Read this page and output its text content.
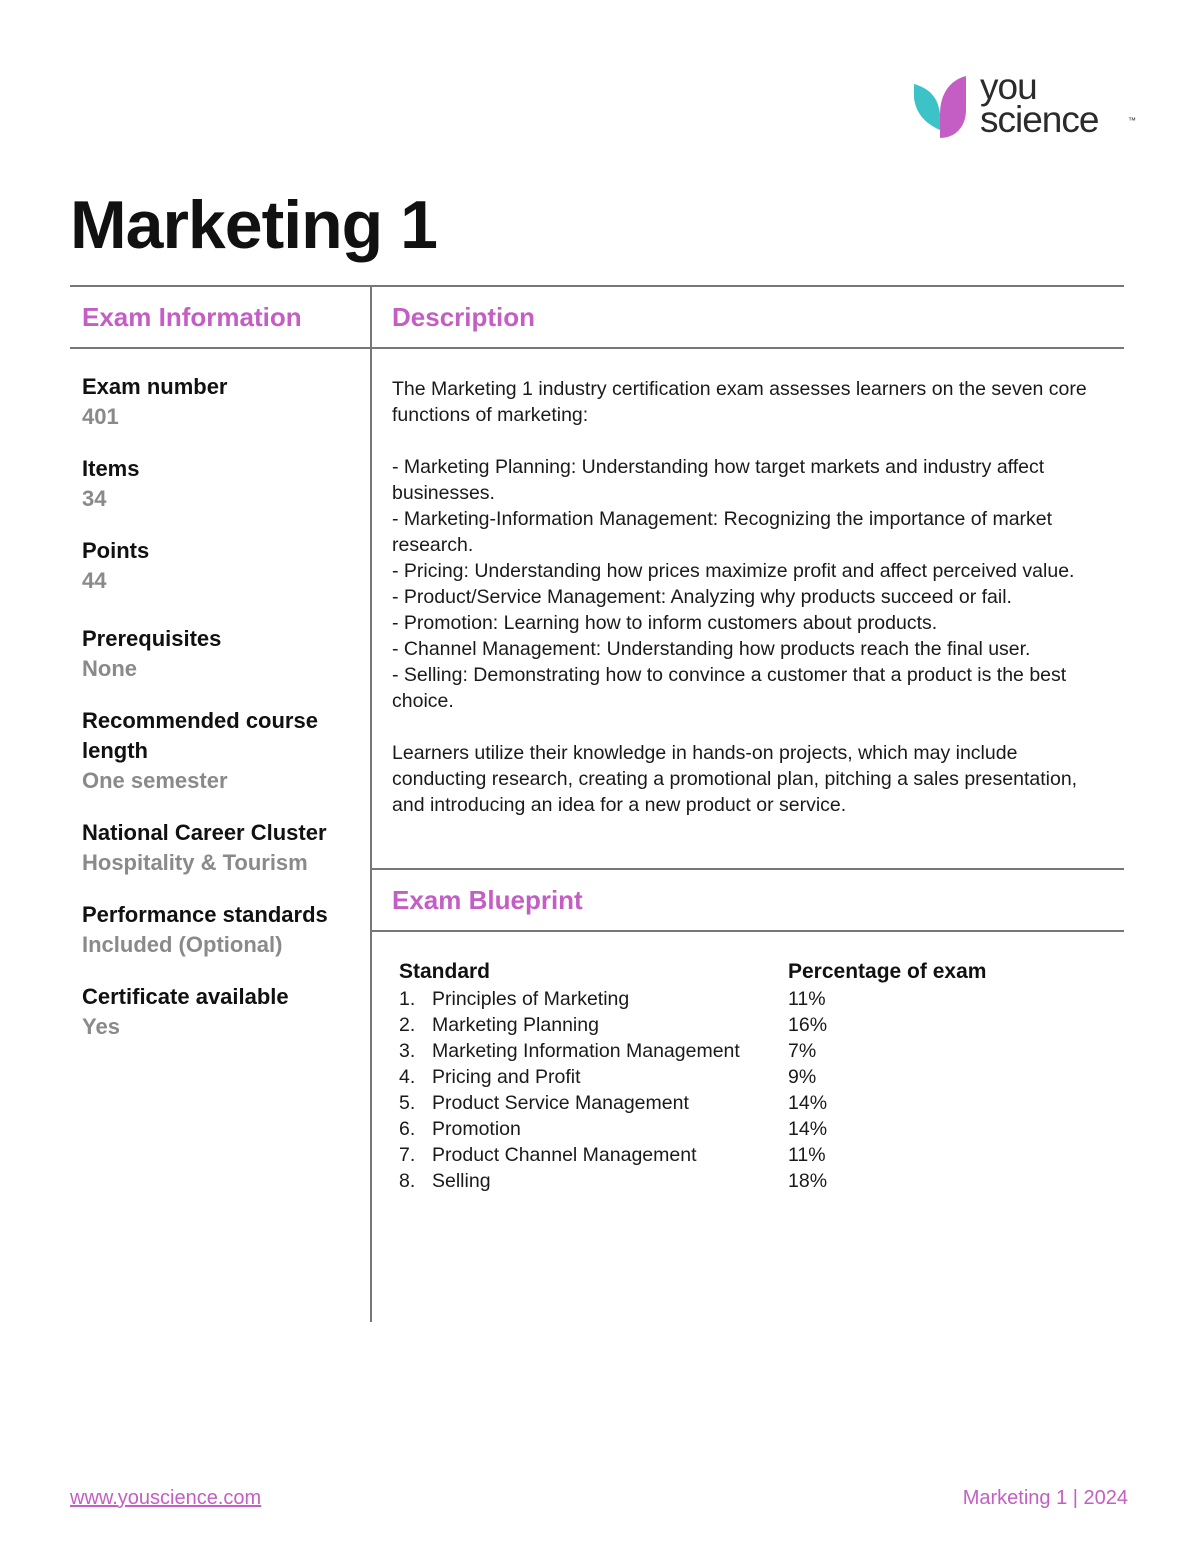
you
science	™
Marketing 1
Exam Information	Description
Exam Blueprint
Exam number
401
Items
34
Points
44
Prerequisites
None
Recommended course length
One semester
National Career Cluster
Hospitality & Tourism
Performance standards
Included (Optional)
Certificate available
Yes

The Marketing 1 industry certification exam assesses learners on the seven core functions of marketing:

- Marketing Planning: Understanding how target markets and industry affect businesses.
- Marketing-Information Management: Recognizing the importance of market research.
- Pricing: Understanding how prices maximize profit and affect perceived value.
- Product/Service Management: Analyzing why products succeed or fail.
- Promotion: Learning how to inform customers about products.
- Channel Management: Understanding how products reach the final user.
- Selling: Demonstrating how to convince a customer that a product is the best choice.

Learners utilize their knowledge in hands-on projects, which may include conducting research, creating a promotional plan, pitching a sales presentation, and introducing an idea for a new product or service.

Standard	Percentage of exam
1. Principles of Marketing	11%
2. Marketing Planning	16%
3. Marketing Information Management	7%
4. Pricing and Profit	9%
5. Product Service Management	14%
6. Promotion	14%
7. Product Channel Management	11%
8. Selling	18%
www.youscience.com	Marketing 1 | 2024
